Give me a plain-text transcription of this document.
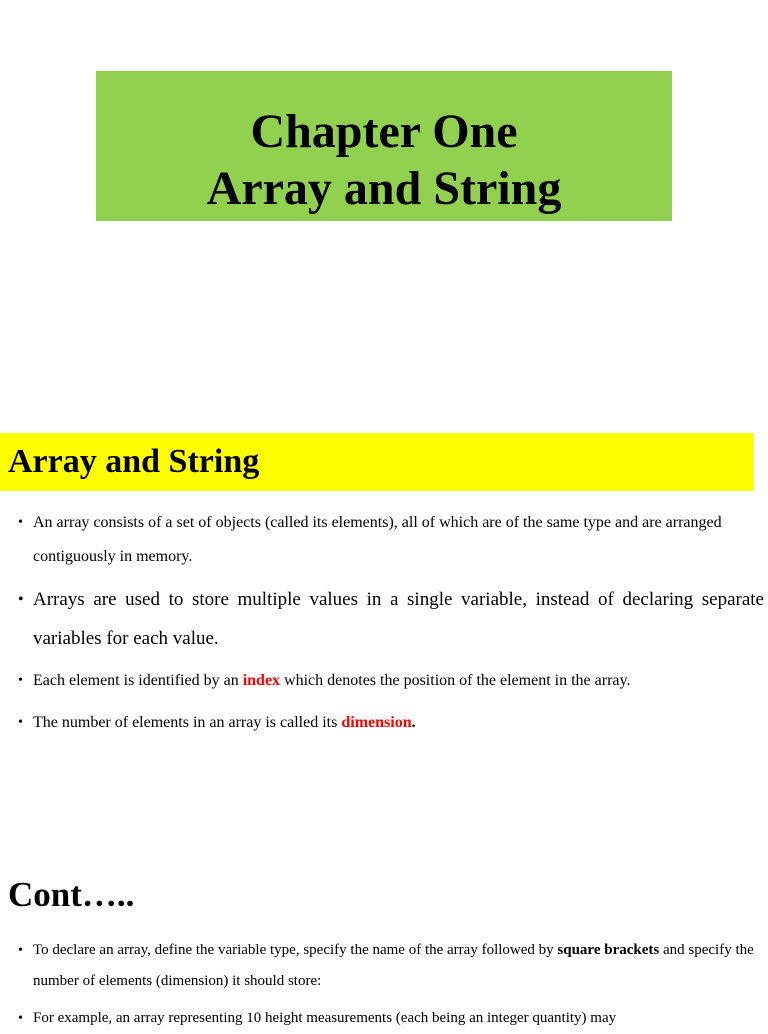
Chapter One
Array and String
Array and String
• An array consists of a set of objects (called its elements), all of which are of the same type and are arranged contiguously in memory.
• Arrays are used to store multiple values in a single variable, instead of declaring separate variables for each value.
• Each element is identified by an index which denotes the position of the element in the array.
• The number of elements in an array is called its dimension.
Cont…..
• To declare an array, define the variable type, specify the name of the array followed by square brackets and specify the number of elements (dimension) it should store:
• For example, an array representing 10 height measurements (each being an integer quantity) may
